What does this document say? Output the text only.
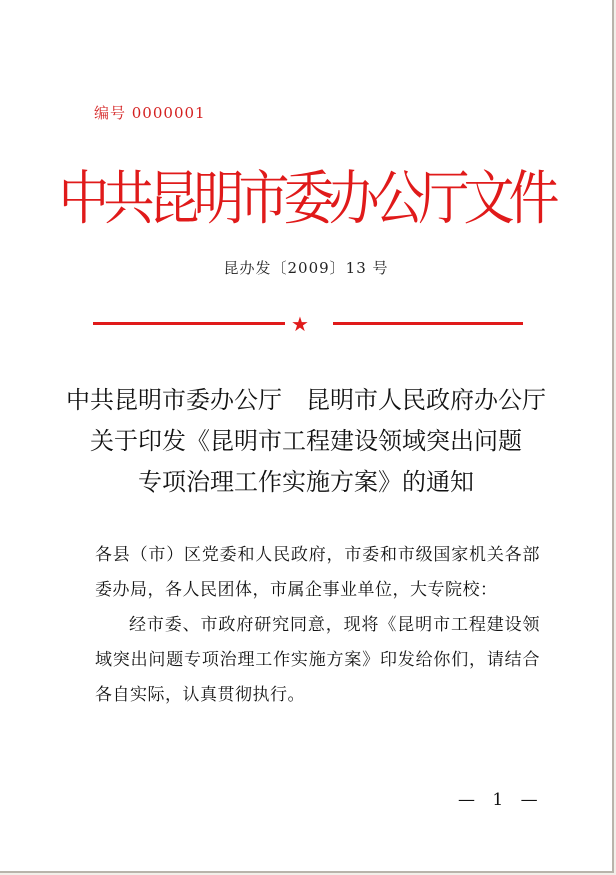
编号 0000001
中共昆明市委办公厅文件
昆办发〔2009〕13 号
★
中共昆明市委办公厅　昆明市人民政府办公厅
关于印发《昆明市工程建设领域突出问题
专项治理工作实施方案》的通知

各县（市）区党委和人民政府，市委和市级国家机关各部委办局，各人民团体，市属企事业单位，大专院校：

经市委、市政府研究同意，现将《昆明市工程建设领域突出问题专项治理工作实施方案》印发给你们，请结合各自实际，认真贯彻执行。

— 1 —
